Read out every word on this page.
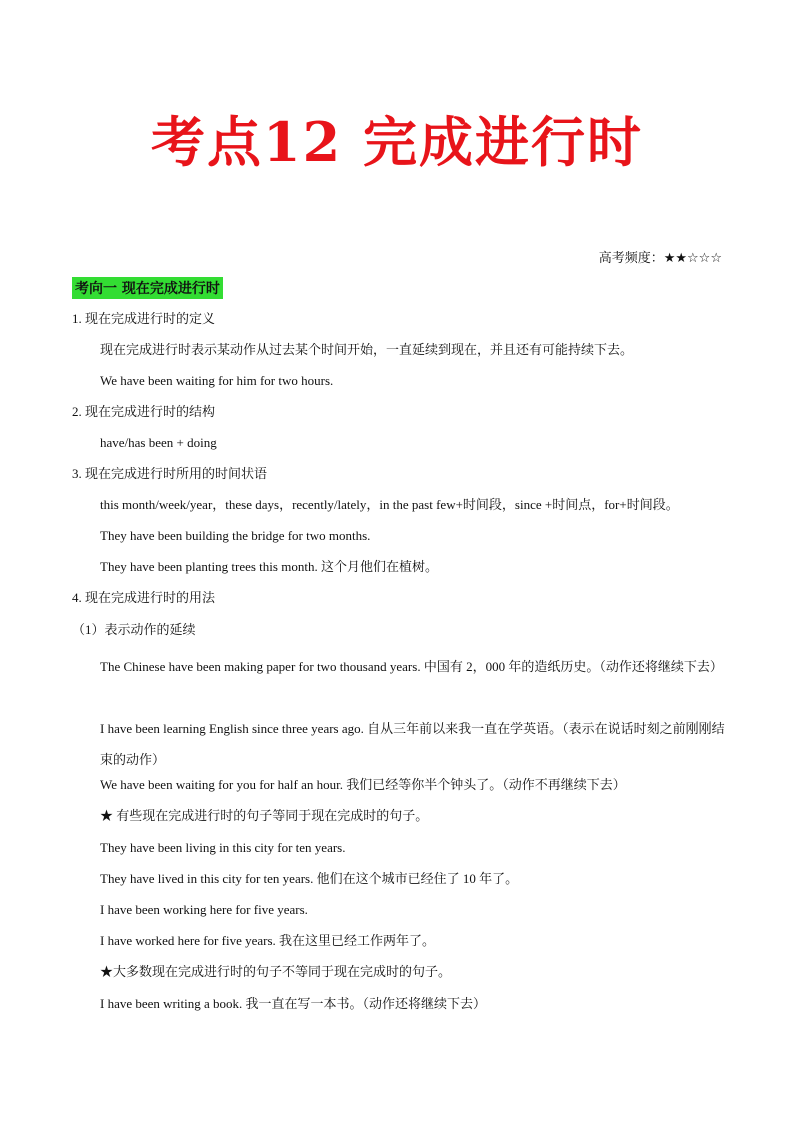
考点12 完成进行时
高考频度：★★☆☆☆
考向一 现在完成进行时
1. 现在完成进行时的定义
现在完成进行时表示某动作从过去某个时间开始，一直延续到现在，并且还有可能持续下去。
We have been waiting for him for two hours.
2. 现在完成进行时的结构
have/has been + doing
3. 现在完成进行时所用的时间状语
this month/week/year，these days，recently/lately，in the past few+时间段，since +时间点，for+时间段。
They have been building the bridge for two months.
They have been planting trees this month. 这个月他们在植树。
4. 现在完成进行时的用法
（1）表示动作的延续
The Chinese have been making paper for two thousand years. 中国有 2，000 年的造纸历史。（动作还将继续下去）
I have been learning English since three years ago. 自从三年前以来我一直在学英语。（表示在说话时刻之前刚刚结束的动作）
We have been waiting for you for half an hour. 我们已经等你半个钟头了。（动作不再继续下去）
★ 有些现在完成进行时的句子等同于现在完成时的句子。
They have been living in this city for ten years.
They have lived in this city for ten years. 他们在这个城市已经住了 10 年了。
I have been working here for five years.
I have worked here for five years. 我在这里已经工作两年了。
★大多数现在完成进行时的句子不等同于现在完成时的句子。
I have been writing a book. 我一直在写一本书。（动作还将继续下去）
